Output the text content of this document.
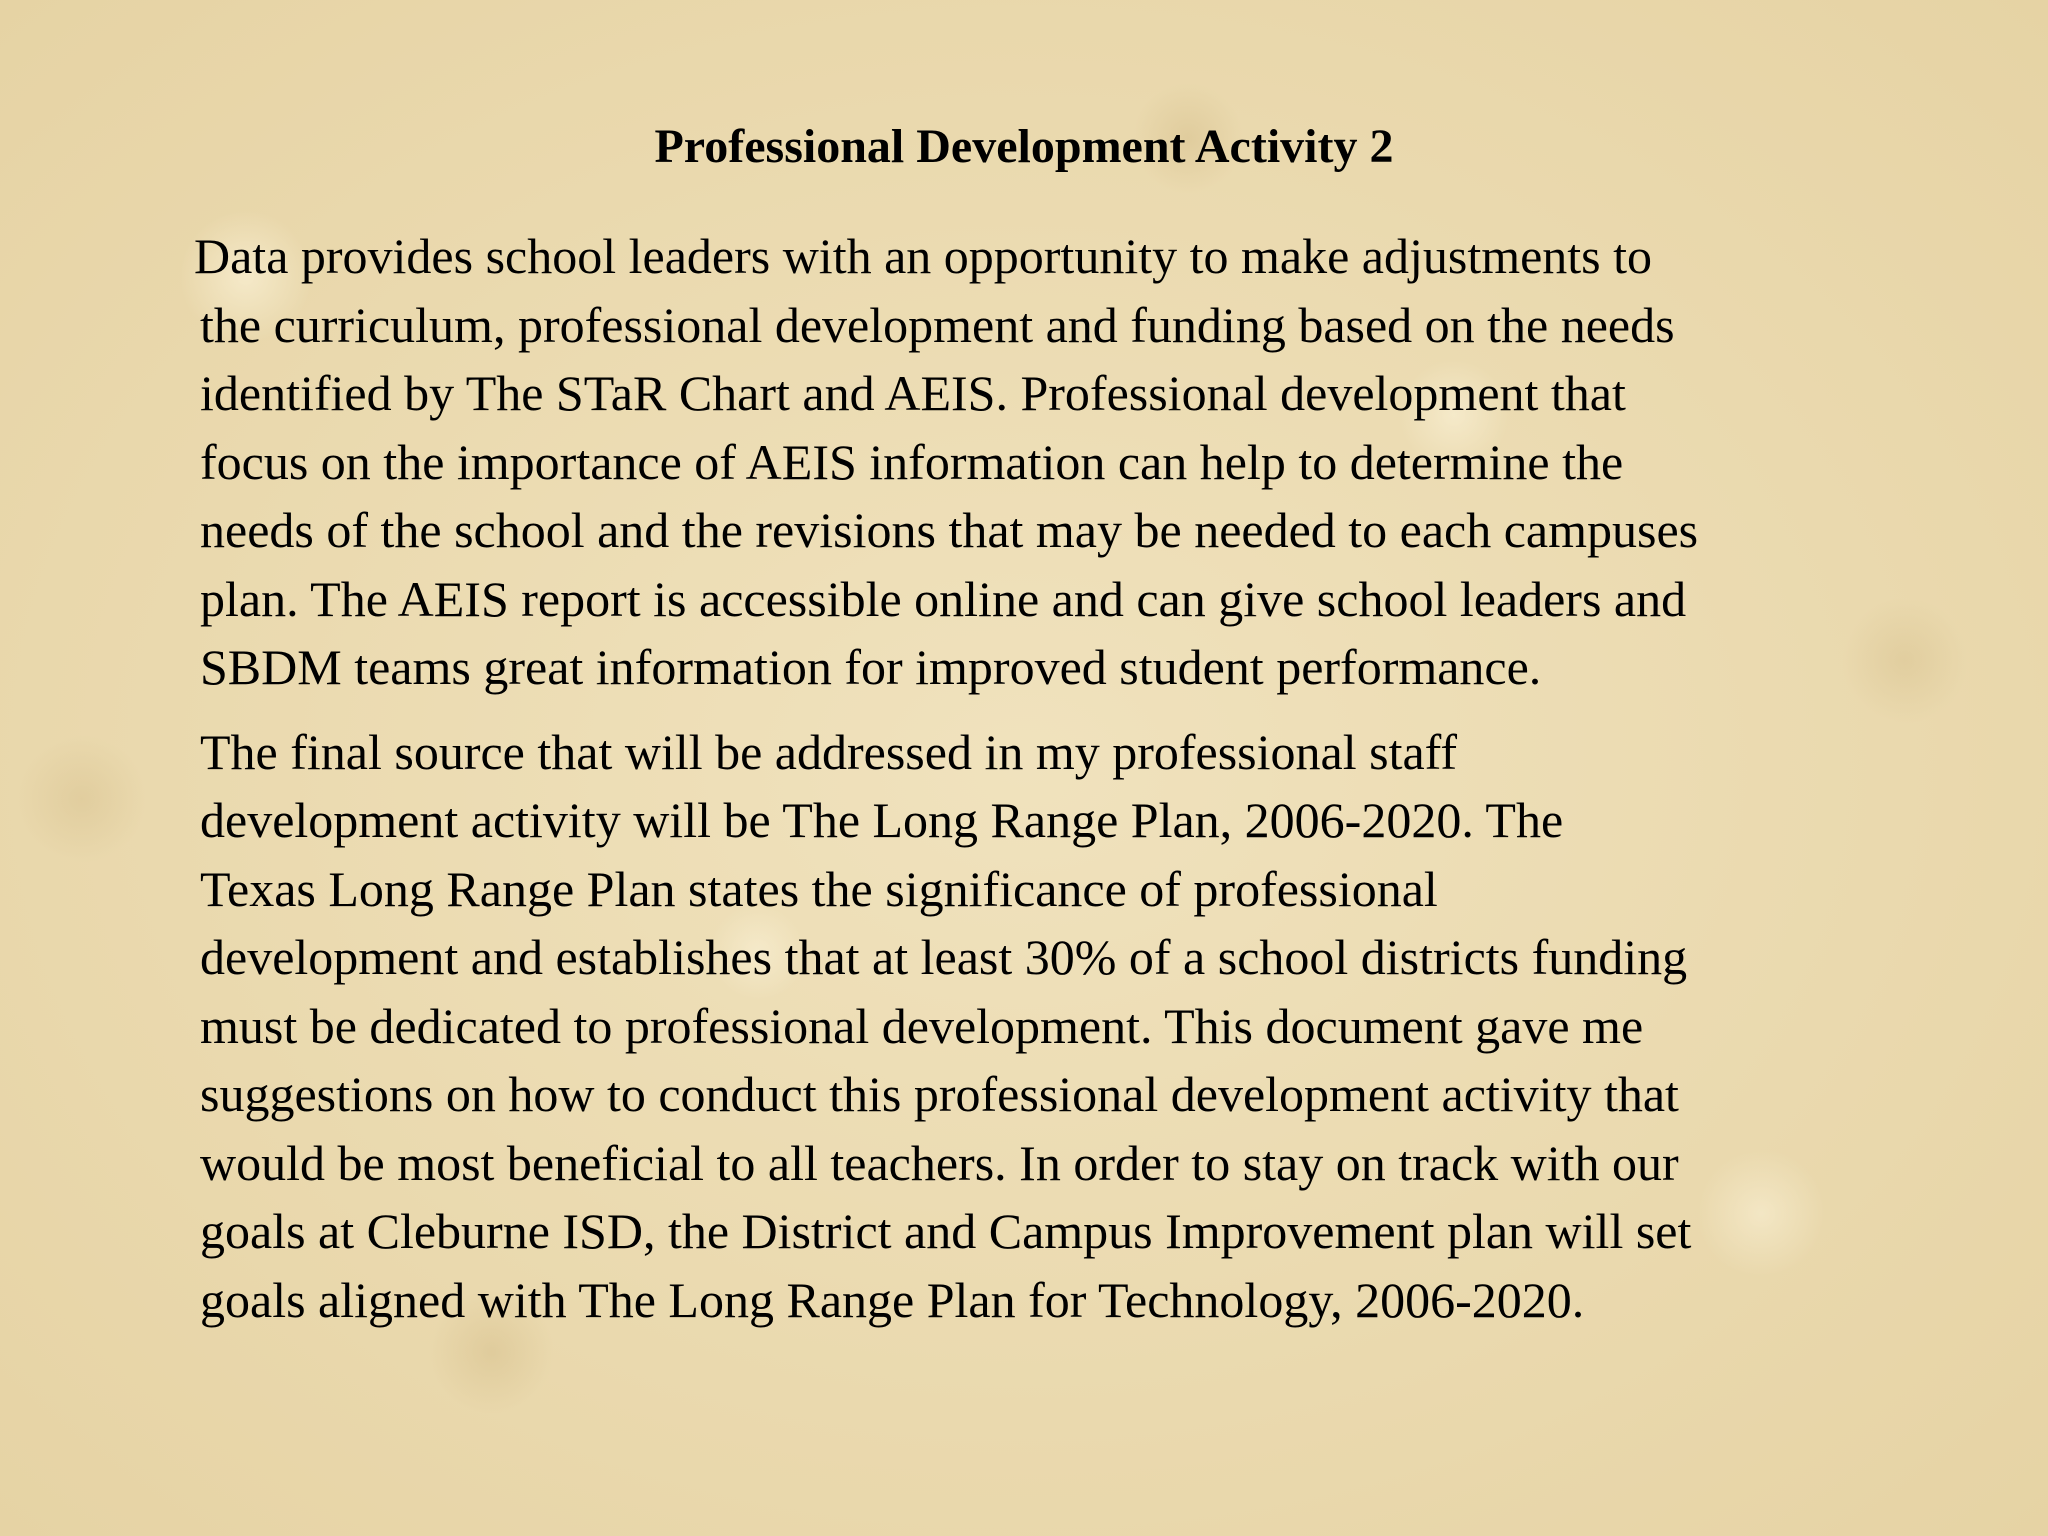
Professional Development Activity 2

Data provides school leaders with an opportunity to make adjustments to
the curriculum, professional development and funding based on the needs
identified by The STaR Chart and AEIS. Professional development that
focus on the importance of AEIS information can help to determine the
needs of the school and the revisions that may be needed to each campuses
plan. The AEIS report is accessible online and can give school leaders and
SBDM teams great information for improved student performance.

The final source that will be addressed in my professional staff
development activity will be The Long Range Plan, 2006-2020. The
Texas Long Range Plan states the significance of professional
development and establishes that at least 30% of a school districts funding
must be dedicated to professional development. This document gave me
suggestions on how to conduct this professional development activity that
would be most beneficial to all teachers. In order to stay on track with our
goals at Cleburne ISD, the District and Campus Improvement plan will set
goals aligned with The Long Range Plan for Technology, 2006-2020.
